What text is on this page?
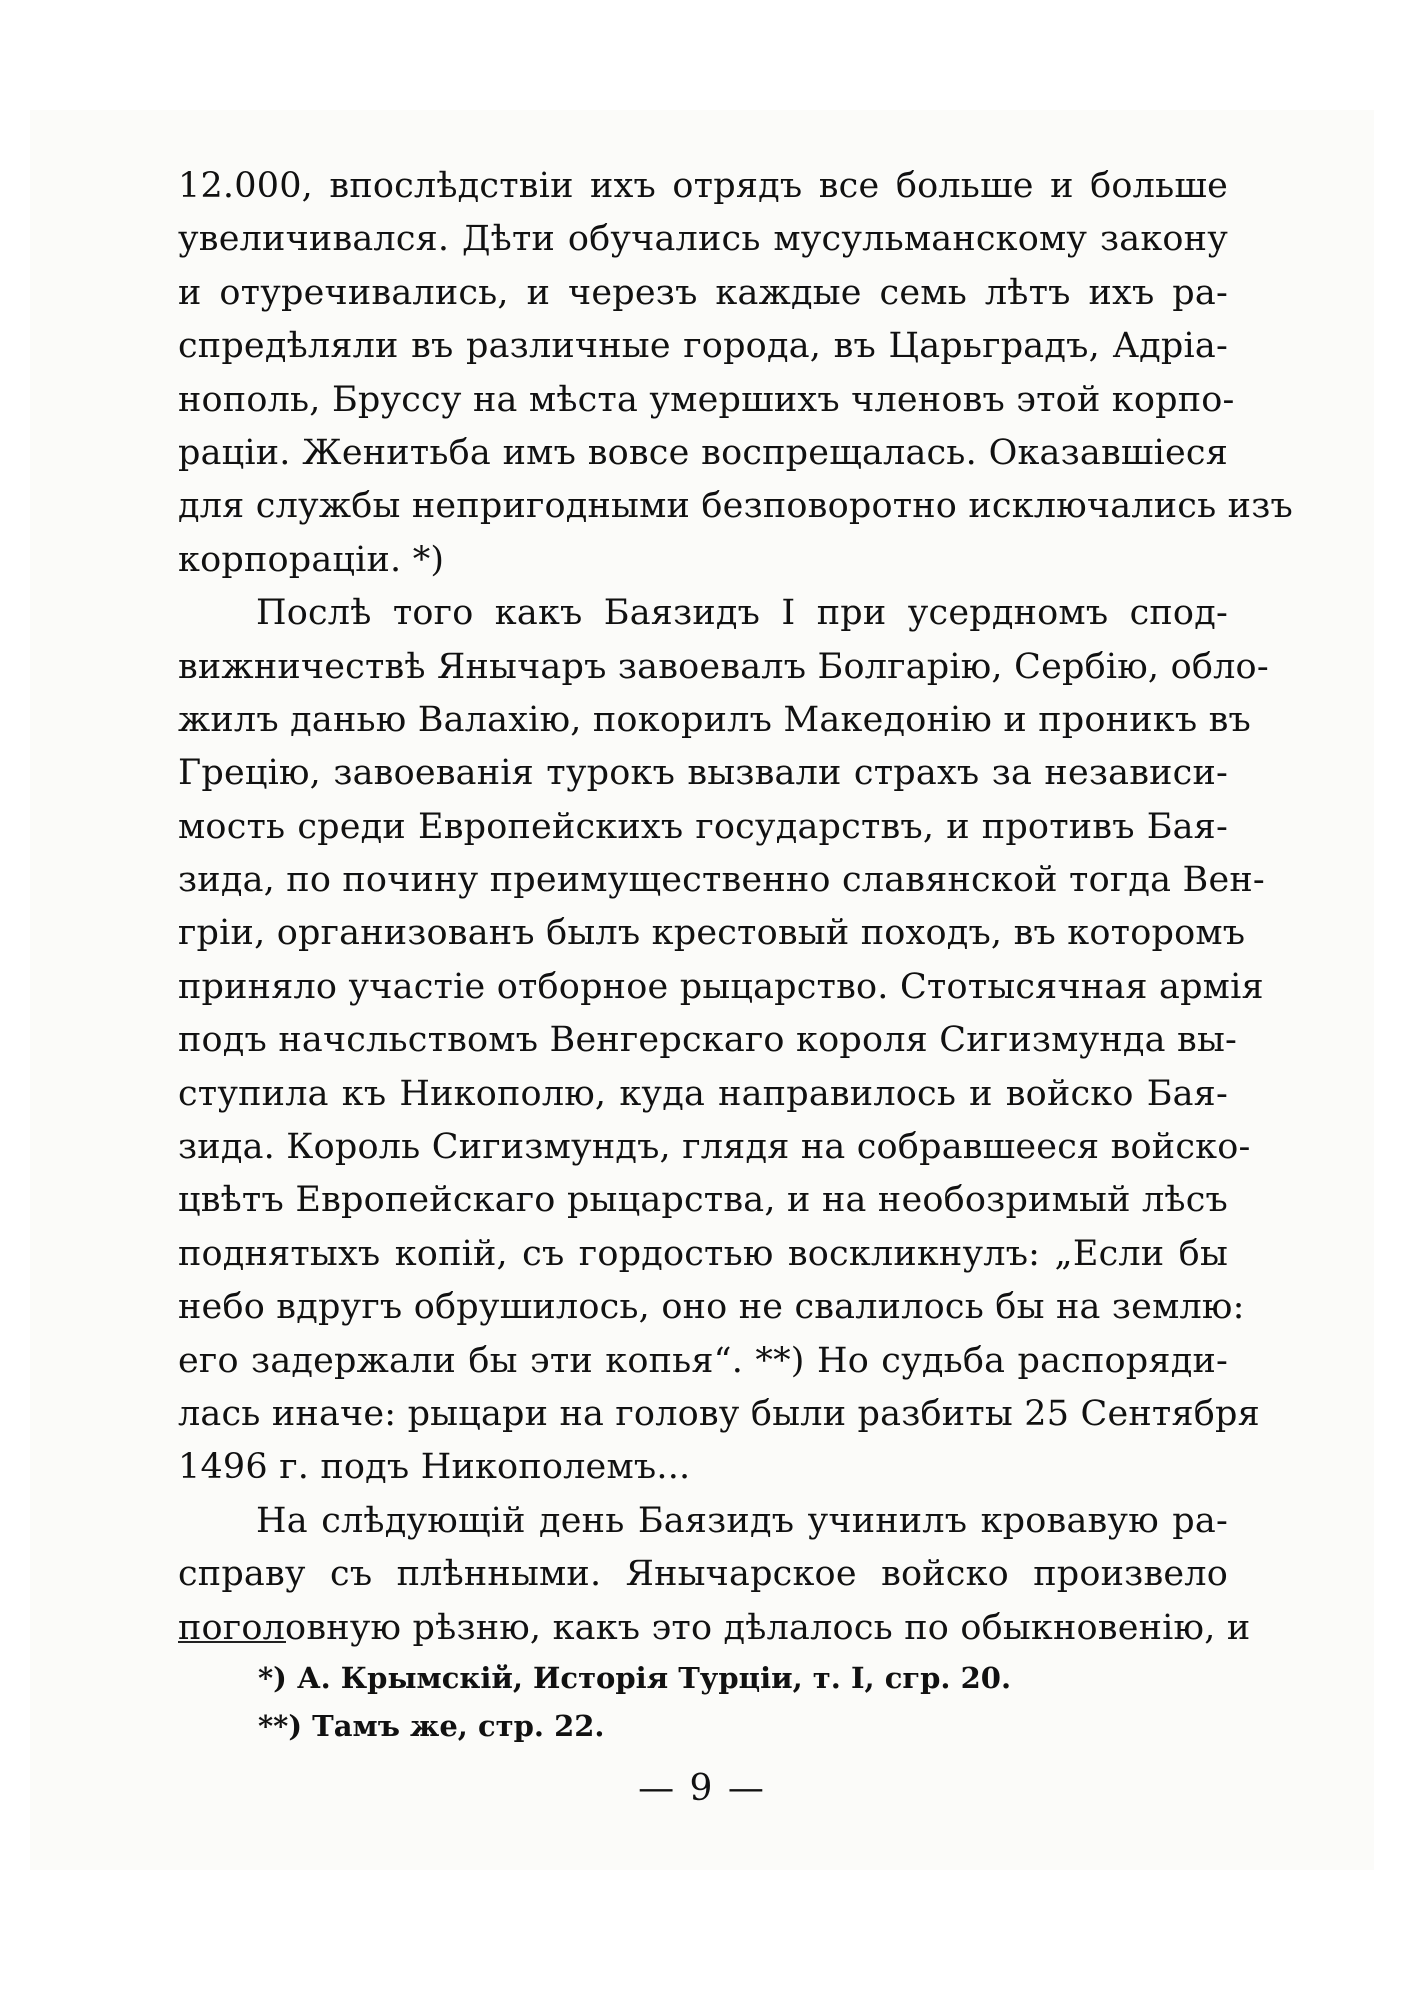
12.000, впослѣдствіи ихъ отрядъ все больше и больше
увеличивался. Дѣти обучались мусульманскому закону
и отуречивались, и черезъ каждые семь лѣтъ ихъ ра-
спредѣляли въ различные города, въ Царьградъ, Адріа-
нополь, Бруссу на мѣста умершихъ членовъ этой корпо-
раціи. Женитьба имъ вовсе воспрещалась. Оказавшіеся
для службы непригодными безповоротно исключались изъ
корпораціи. *)
Послѣ того какъ Баязидъ I при усердномъ спод-
вижничествѣ Янычаръ завоевалъ Болгарію, Сербію, обло-
жилъ данью Валахію, покорилъ Македонію и проникъ въ
Грецію, завоеванія турокъ вызвали страхъ за независи-
мость среди Европейскихъ государствъ, и противъ Бая-
зида, по почину преимущественно славянской тогда Вен-
гріи, организованъ былъ крестовый походъ, въ которомъ
приняло участіе отборное рыцарство. Стотысячная армія
подъ начсльствомъ Венгерскаго короля Сигизмунда вы-
ступила къ Никополю, куда направилось и войско Бая-
зида. Король Сигизмундъ, глядя на собравшееся войско-
цвѣтъ Европейскаго рыцарства, и на необозримый лѣсъ
поднятыхъ копій, съ гордостью воскликнулъ: „Если бы
небо вдругъ обрушилось, оно не свалилось бы на землю:
его задержали бы эти копья“. **) Но судьба распоряди-
лась иначе: рыцари на голову были разбиты 25 Сентября
1496 г. подъ Никополемъ...
На слѣдующій день Баязидъ учинилъ кровавую ра-
справу съ плѣнными. Янычарское войско произвело
поголовную рѣзню, какъ это дѣлалось по обыкновенію, и
*) А. Крымскій, Исторія Турціи, т. I, сгр. 20.
**) Тамъ же, стр. 22.
— 9 —
